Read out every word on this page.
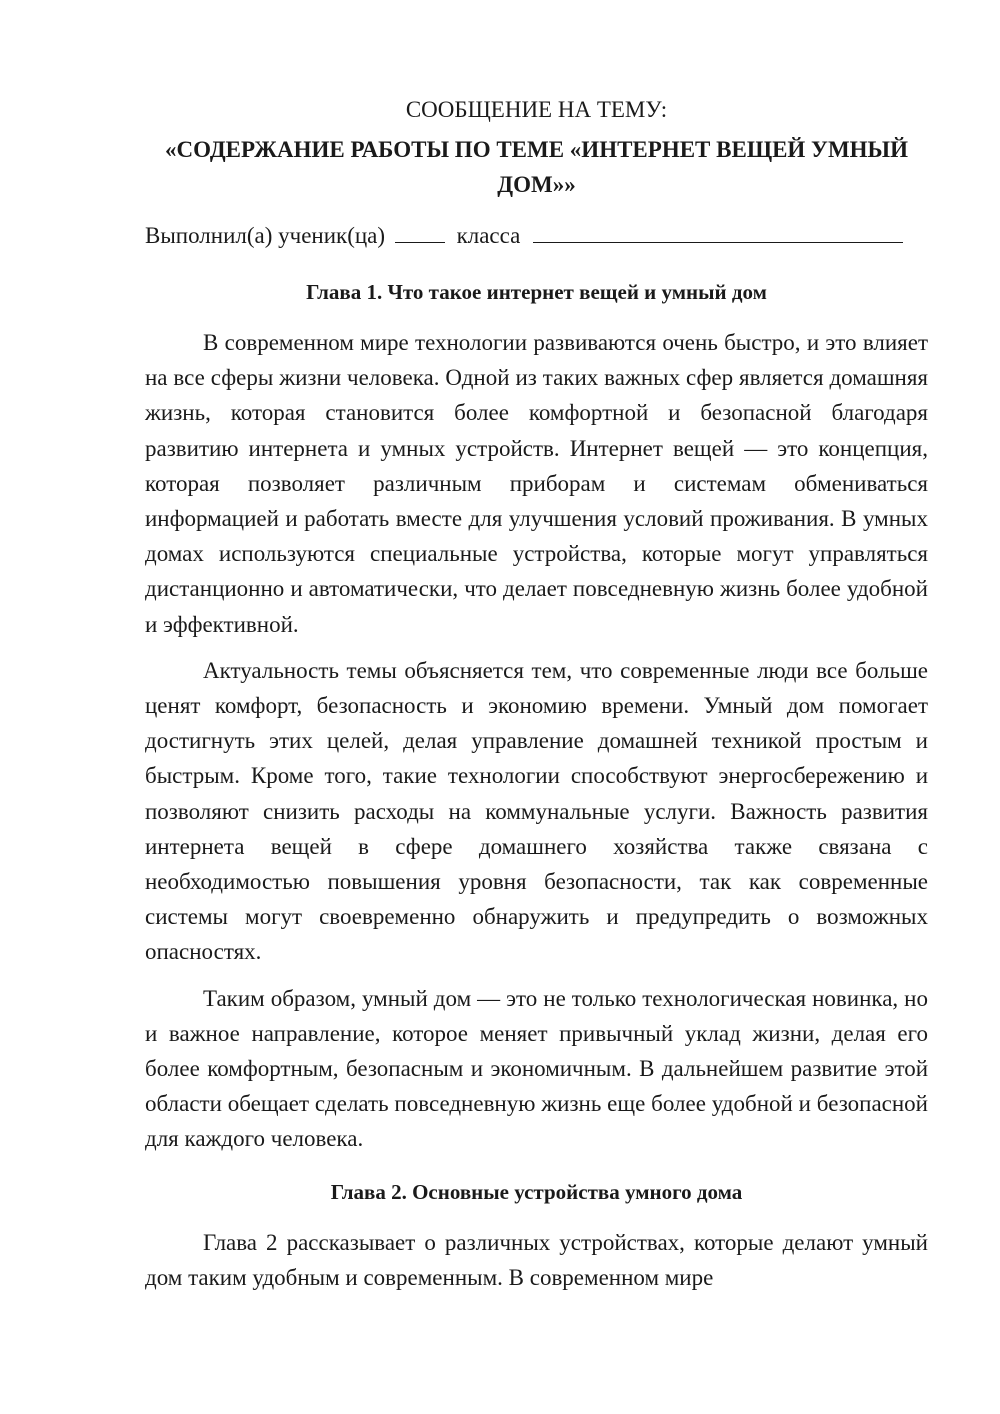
СООБЩЕНИЕ НА ТЕМУ:

«СОДЕРЖАНИЕ РАБОТЫ ПО ТЕМЕ «ИНТЕРНЕТ ВЕЩЕЙ УМНЫЙ ДОМ»»

Выполнил(а) ученик(ца)	класса

Глава 1. Что такое интернет вещей и умный дом

В современном мире технологии развиваются очень быстро, и это влияет на все сферы жизни человека. Одной из таких важных сфер является домашняя жизнь, которая становится более комфортной и безопасной благодаря развитию интернета и умных устройств. Интернет вещей — это концепция, которая позволяет различным приборам и системам обмениваться информацией и работать вместе для улучшения условий проживания. В умных домах используются специальные устройства, которые могут управляться дистанционно и автоматически, что делает повседневную жизнь более удобной и эффективной.

Актуальность темы объясняется тем, что современные люди все больше ценят комфорт, безопасность и экономию времени. Умный дом помогает достигнуть этих целей, делая управление домашней техникой простым и быстрым. Кроме того, такие технологии способствуют энергосбережению и позволяют снизить расходы на коммунальные услуги. Важность развития интернета вещей в сфере домашнего хозяйства также связана с необходимостью повышения уровня безопасности, так как современные системы могут своевременно обнаружить и предупредить о возможных опасностях.

Таким образом, умный дом — это не только технологическая новинка, но и важное направление, которое меняет привычный уклад жизни, делая его более комфортным, безопасным и экономичным. В дальнейшем развитие этой области обещает сделать повседневную жизнь еще более удобной и безопасной для каждого человека.

Глава 2. Основные устройства умного дома

Глава 2 рассказывает о различных устройствах, которые делают умный дом таким удобным и современным. В современном мире
